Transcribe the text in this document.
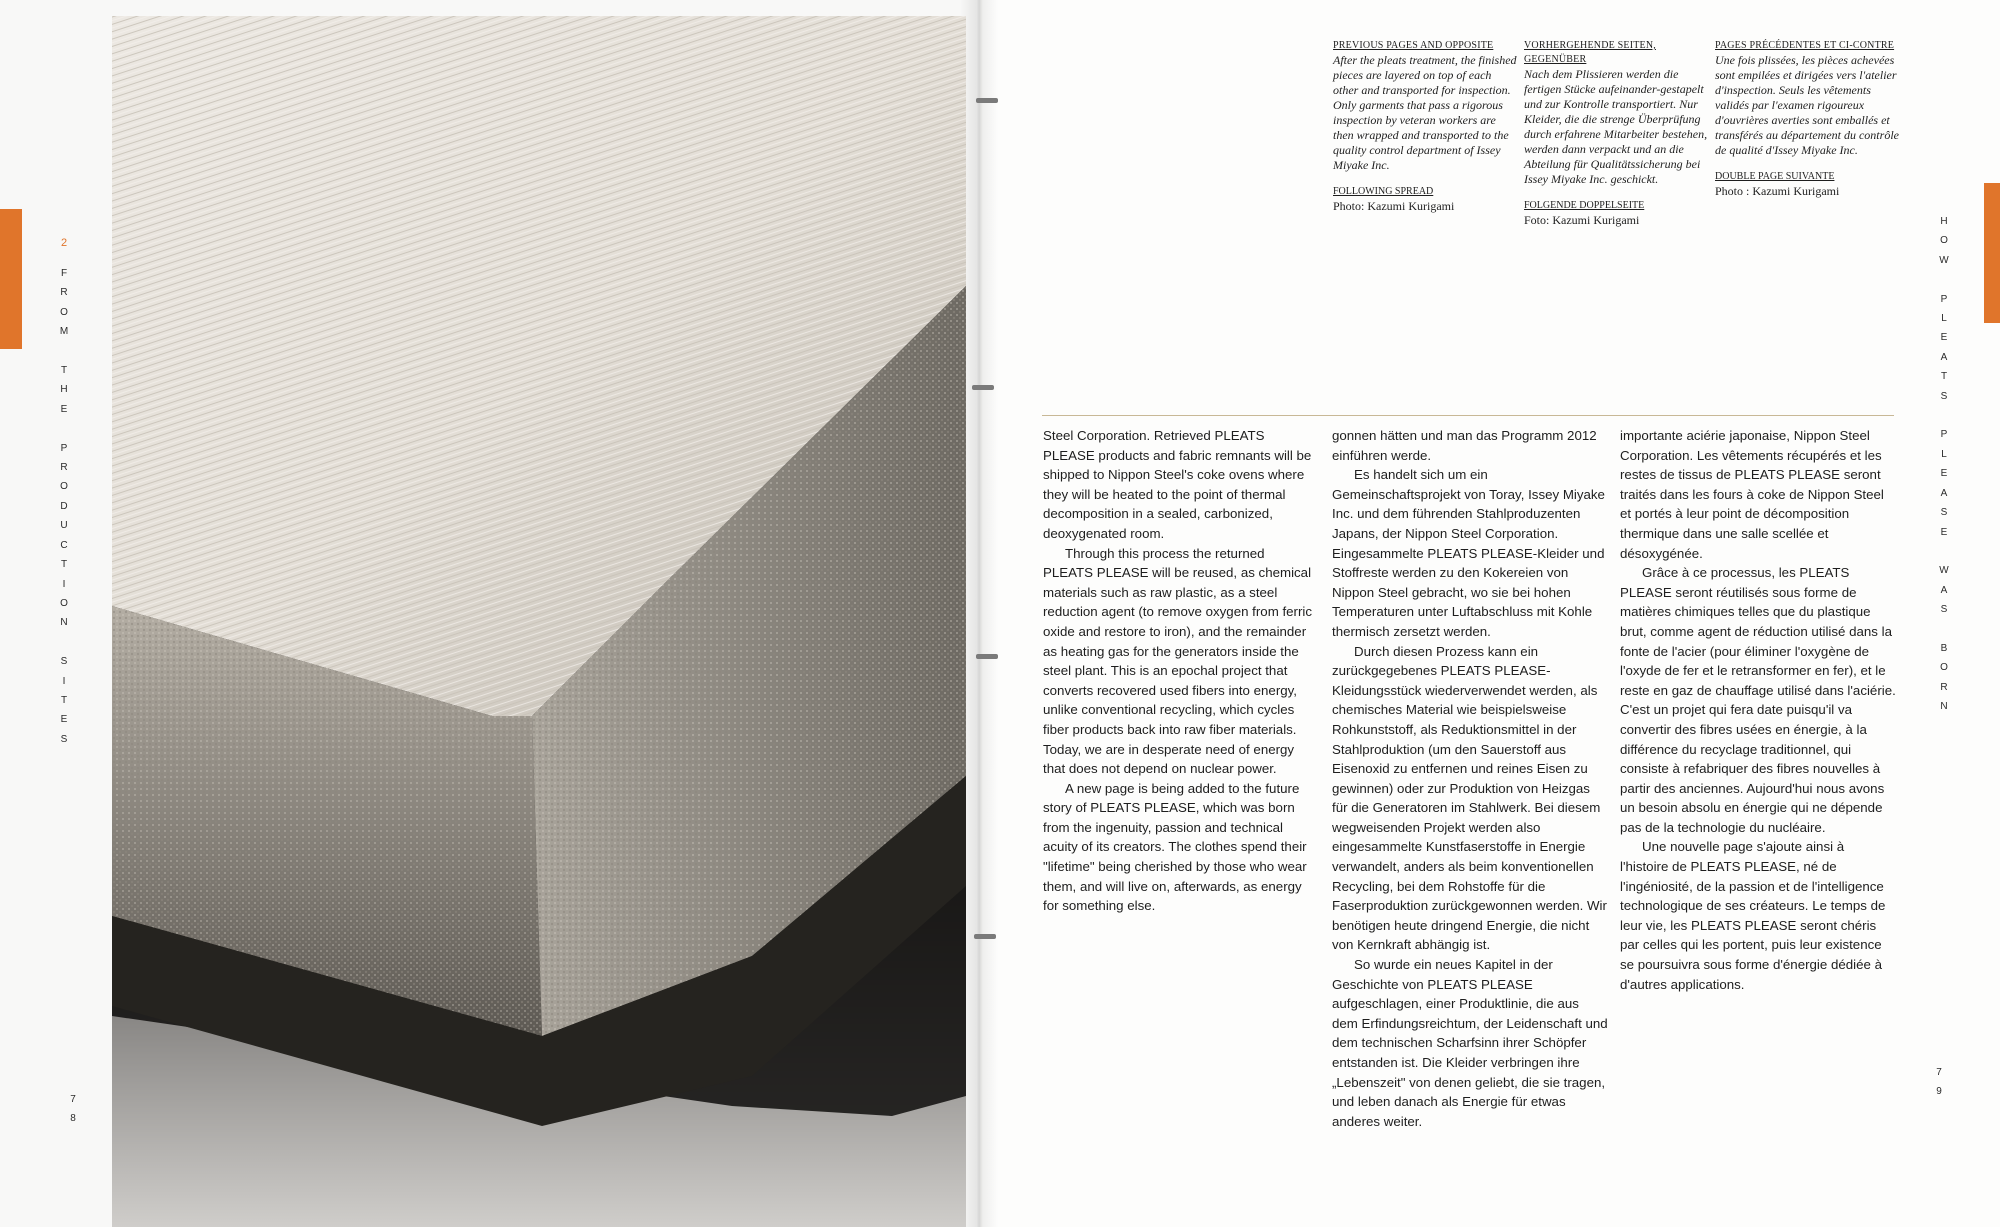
2
F
R
O
M

T
H
E

P
R
O
D
U
C
T
I
O
N

S
I
T
E
S
H
O
W

P
L
E
A
T
S

P
L
E
A
S
E

W
A
S

B
O
R
N
7
8
7
9
PREVIOUS PAGES AND OPPOSITE

After the pleats treatment, the finished pieces are layered on top of each other and transported for inspection. Only garments that pass a rigorous inspection by veteran workers are then wrapped and transported to the quality control department of Issey Miyake Inc.

FOLLOWING SPREAD
Photo: Kazumi Kurigami
VORHERGEHENDE SEITEN, GEGENÜBER

Nach dem Plissieren werden die fertigen Stücke aufeinander-gestapelt und zur Kontrolle transportiert. Nur Kleider, die die strenge Überprüfung durch erfahrene Mitarbeiter bestehen, werden dann verpackt und an die Abteilung für Qualitätssicherung bei Issey Miyake Inc. geschickt.

FOLGENDE DOPPELSEITE
Foto: Kazumi Kurigami
PAGES PRÉCÉDENTES ET CI-CONTRE

Une fois plissées, les pièces achevées sont empilées et dirigées vers l'atelier d'inspection. Seuls les vêtements validés par l'examen rigoureux d'ouvrières averties sont emballés et transférés au département du contrôle de qualité d'Issey Miyake Inc.

DOUBLE PAGE SUIVANTE
Photo : Kazumi Kurigami

Steel Corporation. Retrieved PLEATS PLEASE products and fabric remnants will be shipped to Nippon Steel's coke ovens where they will be heated to the point of thermal decomposition in a sealed, carbonized, deoxygenated room.

Through this process the returned PLEATS PLEASE will be reused, as chemical materials such as raw plastic, as a steel reduction agent (to remove oxygen from ferric oxide and restore to iron), and the remainder as heating gas for the generators inside the steel plant. This is an epochal project that converts recovered used fibers into energy, unlike conventional recycling, which cycles fiber products back into raw fiber materials. Today, we are in desperate need of energy that does not depend on nuclear power.

A new page is being added to the future story of PLEATS PLEASE, which was born from the ingenuity, passion and technical acuity of its creators. The clothes spend their "lifetime" being cherished by those who wear them, and will live on, afterwards, as energy for something else.

gonnen hätten und man das Programm 2012 einführen werde.

Es handelt sich um ein Gemeinschaftsprojekt von Toray, Issey Miyake Inc. und dem führenden Stahlproduzenten Japans, der Nippon Steel Corporation. Eingesammelte PLEATS PLEASE-Kleider und Stoffreste werden zu den Kokereien von Nippon Steel gebracht, wo sie bei hohen Temperaturen unter Luftabschluss mit Kohle thermisch zersetzt werden.

Durch diesen Prozess kann ein zurückgegebenes PLEATS PLEASE-Kleidungsstück wiederverwendet werden, als chemisches Material wie beispielsweise Rohkunststoff, als Reduktionsmittel in der Stahlproduktion (um den Sauerstoff aus Eisenoxid zu entfernen und reines Eisen zu gewinnen) oder zur Produktion von Heizgas für die Generatoren im Stahlwerk. Bei diesem wegweisenden Projekt werden also eingesammelte Kunstfaserstoffe in Energie verwandelt, anders als beim konventionellen Recycling, bei dem Rohstoffe für die Faserproduktion zurückgewonnen werden. Wir benötigen heute dringend Energie, die nicht von Kernkraft abhängig ist.

So wurde ein neues Kapitel in der Geschichte von PLEATS PLEASE aufgeschlagen, einer Produktlinie, die aus dem Erfindungsreichtum, der Leidenschaft und dem technischen Scharfsinn ihrer Schöpfer entstanden ist. Die Kleider verbringen ihre „Lebenszeit" von denen geliebt, die sie tragen, und leben danach als Energie für etwas anderes weiter.

importante aciérie japonaise, Nippon Steel Corporation. Les vêtements récupérés et les restes de tissus de PLEATS PLEASE seront traités dans les fours à coke de Nippon Steel et portés à leur point de décomposition thermique dans une salle scellée et désoxygénée.

Grâce à ce processus, les PLEATS PLEASE seront réutilisés sous forme de matières chimiques telles que du plastique brut, comme agent de réduction utilisé dans la fonte de l'acier (pour éliminer l'oxygène de l'oxyde de fer et le retransformer en fer), et le reste en gaz de chauffage utilisé dans l'aciérie. C'est un projet qui fera date puisqu'il va convertir des fibres usées en énergie, à la différence du recyclage traditionnel, qui consiste à refabriquer des fibres nouvelles à partir des anciennes. Aujourd'hui nous avons un besoin absolu en énergie qui ne dépende pas de la technologie du nucléaire.

Une nouvelle page s'ajoute ainsi à l'histoire de PLEATS PLEASE, né de l'ingéniosité, de la passion et de l'intelligence technologique de ses créateurs. Le temps de leur vie, les PLEATS PLEASE seront chéris par celles qui les portent, puis leur existence se poursuivra sous forme d'énergie dédiée à d'autres applications.
